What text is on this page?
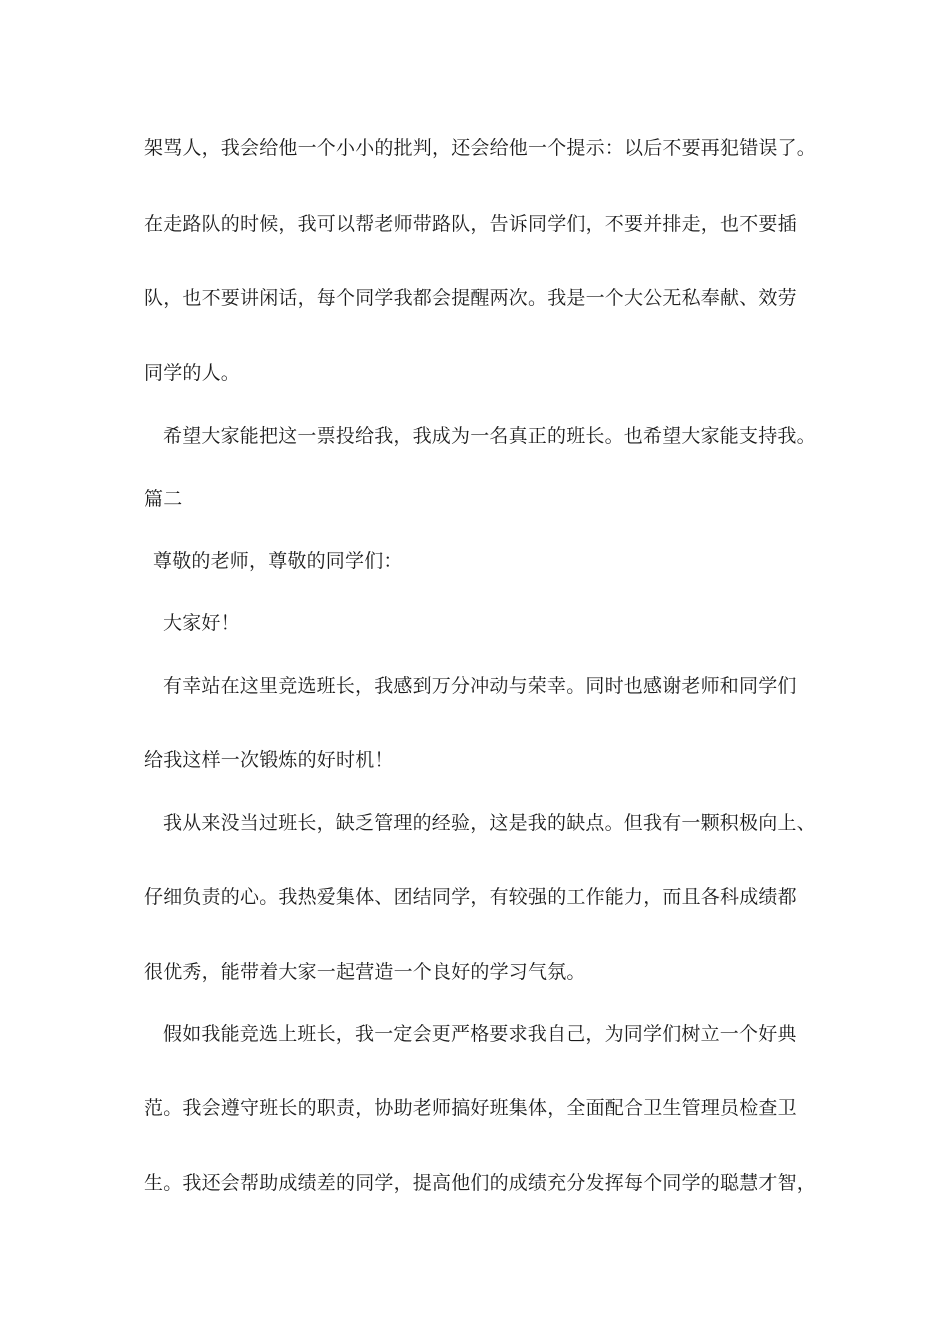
架骂人，我会给他一个小小的批判，还会给他一个提示：以后不要再犯错误了。
在走路队的时候，我可以帮老师带路队，告诉同学们，不要并排走，也不要插
队，也不要讲闲话，每个同学我都会提醒两次。我是一个大公无私奉献、效劳
同学的人。
希望大家能把这一票投给我，我成为一名真正的班长。也希望大家能支持我。
篇二
尊敬的老师，尊敬的同学们：
大家好！
有幸站在这里竞选班长，我感到万分冲动与荣幸。同时也感谢老师和同学们
给我这样一次锻炼的好时机！
我从来没当过班长，缺乏管理的经验，这是我的缺点。但我有一颗积极向上、
仔细负责的心。我热爱集体、团结同学，有较强的工作能力，而且各科成绩都
很优秀，能带着大家一起营造一个良好的学习气氛。
假如我能竞选上班长，我一定会更严格要求我自己，为同学们树立一个好典
范。我会遵守班长的职责，协助老师搞好班集体，全面配合卫生管理员检查卫
生。我还会帮助成绩差的同学，提高他们的成绩充分发挥每个同学的聪慧才智，
